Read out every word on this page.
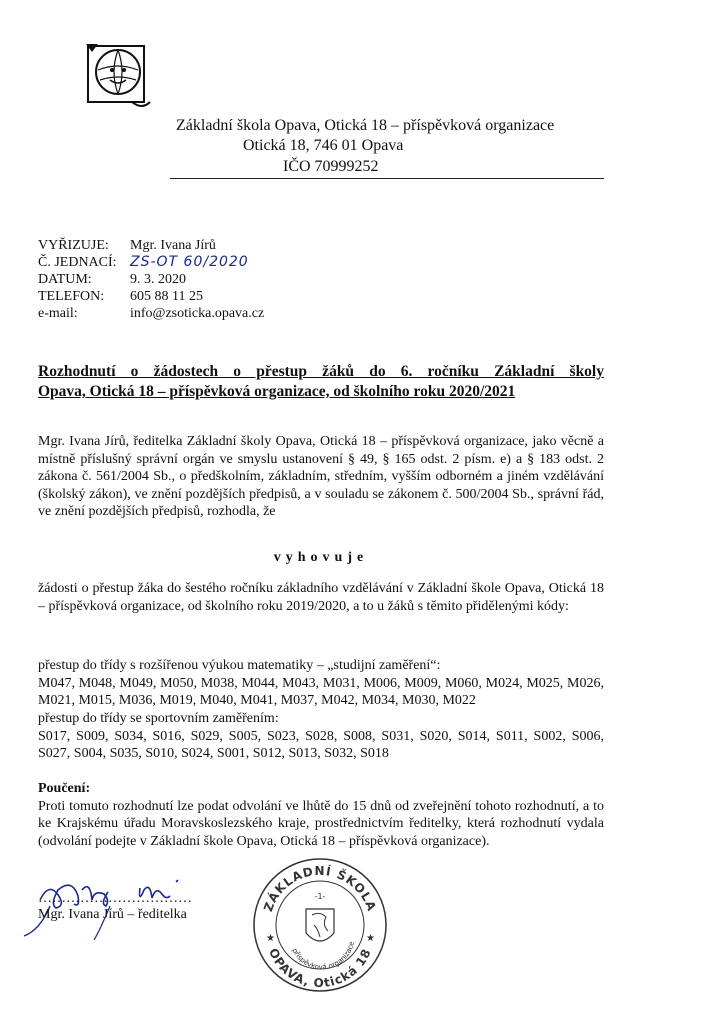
Základní škola Opava, Otická 18 – příspěvková organizace
Otická 18, 746 01 Opava
IČO 70999252
VYŘIZUJE:	Mgr. Ivana Jírů
Č. JEDNACÍ: ZS-OT 60/2020
DATUM:	9. 3. 2020
TELEFON:	605 88 11 25
e-mail:	info@zsoticka.opava.cz
Rozhodnutí o žádostech o přestup žáků do 6. ročníku Základní školy
Opava, Otická 18 – příspěvková organizace, od školního roku 2020/2021
Mgr. Ivana Jírů, ředitelka Základní školy Opava, Otická 18 – příspěvková organizace, jako věcně a místně příslušný správní orgán ve smyslu ustanovení § 49, § 165 odst. 2 písm. e) a § 183 odst. 2 zákona č. 561/2004 Sb., o předškolním, základním, středním, vyšším odborném a jiném vzdělávání (školský zákon), ve znění pozdějších předpisů, a v souladu se zákonem č. 500/2004 Sb., správní řád, ve znění pozdějších předpisů, rozhodla, že
vyhovuje
žádosti o přestup žáka do šestého ročníku základního vzdělávání v Základní škole Opava, Otická 18 – příspěvková organizace, od školního roku 2019/2020, a to u žáků s těmito přidělenými kódy:
přestup do třídy s rozšířenou výukou matematiky – „studijní zaměření“:
M047, M048, M049, M050, M038, M044, M043, M031, M006, M009, M060, M024, M025, M026, M021, M015, M036, M019, M040, M041, M037, M042, M034, M030, M022
přestup do třídy se sportovním zaměřením:
S017, S009, S034, S016, S029, S005, S023, S028, S008, S031, S020, S014, S011, S002, S006, S027, S004, S035, S010, S024, S001, S012, S013, S032, S018
Poučení:
Proti tomuto rozhodnutí lze podat odvolání ve lhůtě do 15 dnů od zveřejnění tohoto rozhodnutí, a to ke Krajskému úřadu Moravskoslezského kraje, prostřednictvím ředitelky, která rozhodnutí vydala (odvolání podejte v Základní škole Opava, Otická 18 – příspěvková organizace).
……………………………
Mgr. Ivana Jírů – ředitelka
ZÁKLADNÍ ŠKOLA
-1-
příspěvková organizace
OPAVA, Otická 18
★	★
